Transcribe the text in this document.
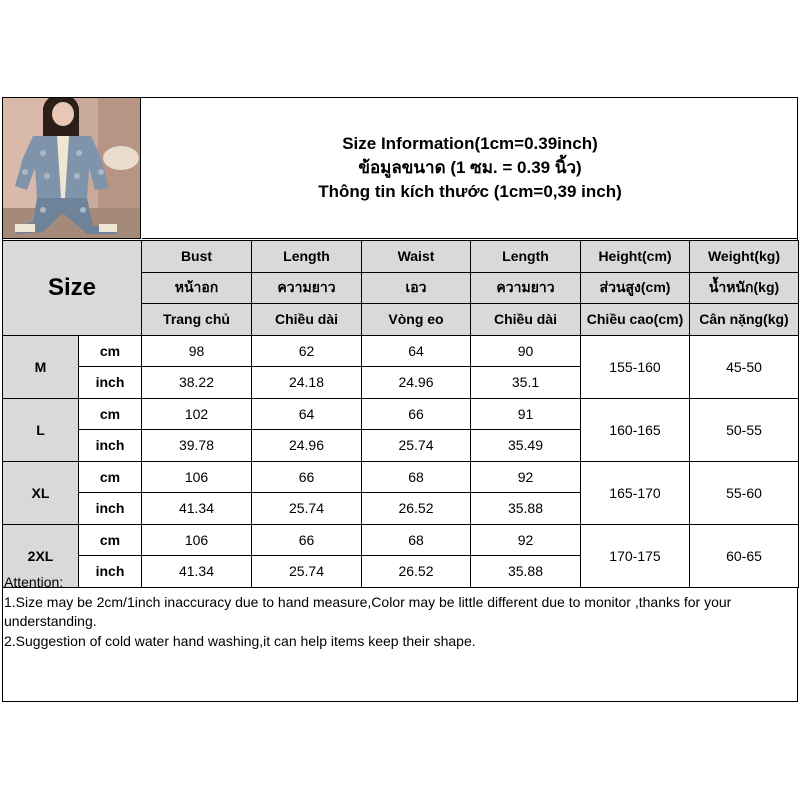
Size Information(1cm=0.39inch)
ข้อมูลขนาด (1 ซม. = 0.39 นิ้ว)
Thông tin kích thước (1cm=0,39 inch)
Size		Bust	Length	Waist	Length	Height(cm)	Weight(kg)
		หน้าอก	ความยาว	เอว	ความยาว	ส่วนสูง(cm)	น้ำหนัก(kg)
		Trang chủ	Chiều dài	Vòng eo	Chiều dài	Chiều cao(cm)	Cân nặng(kg)
M	cm	98	62	64	90	155-160	45-50
	inch	38.22	24.18	24.96	35.1		
L	cm	102	64	66	91	160-165	50-55
	inch	39.78	24.96	25.74	35.49		
XL	cm	106	66	68	92	165-170	55-60
	inch	41.34	25.74	26.52	35.88		
2XL	cm	106	66	68	92	170-175	60-65
	inch	41.34	25.74	26.52	35.88		

Attention:

1.Size may be 2cm/1inch inaccuracy due to hand measure,Color may be little different due to monitor ,thanks for your understanding.

2.Suggestion of cold water hand washing,it can help items keep their shape.
